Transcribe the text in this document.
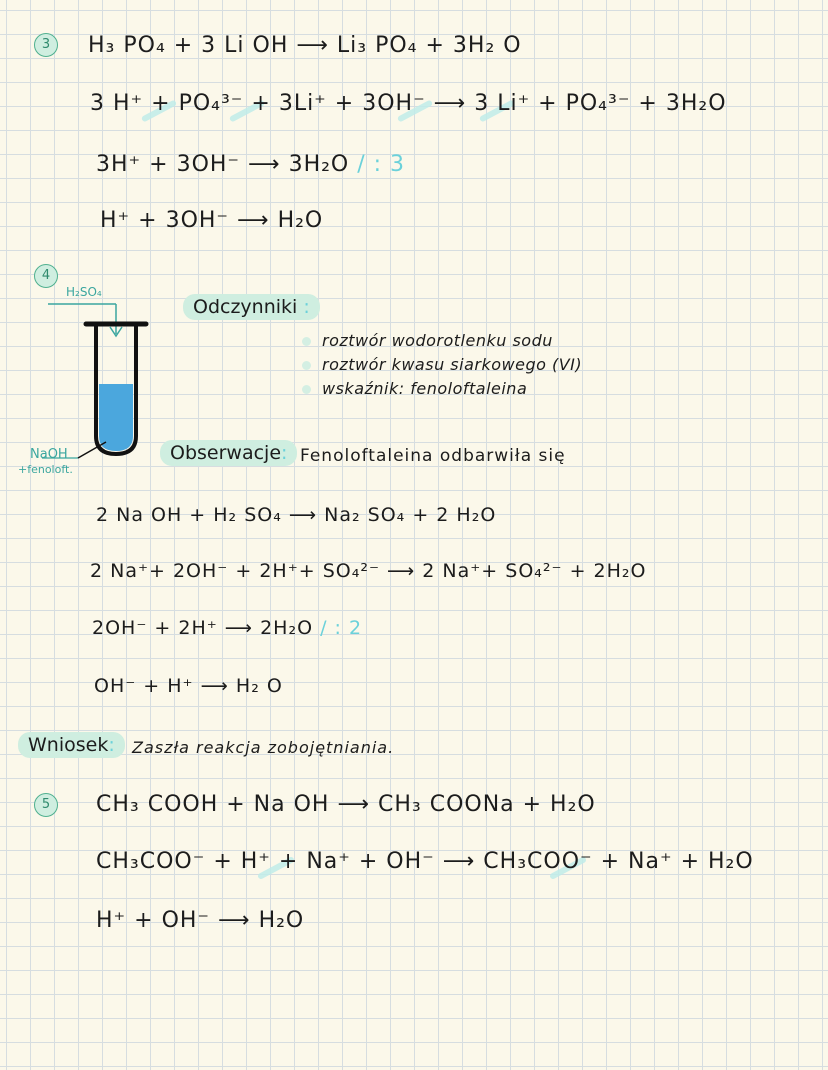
3	H₃ PO₄ + 3 Li OH ⟶ Li₃ PO₄ + 3H₂ O
3 H⁺ + PO₄³⁻ + 3Li⁺ + 3OH⁻ ⟶ 3 Li⁺ + PO₄³⁻ + 3H₂O
3H⁺ + 3OH⁻ ⟶ 3H₂O / : 3
H⁺ + 3OH⁻ ⟶ H₂O
4
H₂SO₄
NaOH
+fenoloft.
Odczynniki :
roztwór wodorotlenku sodu
roztwór kwasu siarkowego (VI)
wskaźnik: fenoloftaleina
Obserwacje: Fenoloftaleina odbarwiła się
2 Na OH + H₂ SO₄ ⟶ Na₂ SO₄ + 2 H₂O
2 Na⁺+ 2OH⁻ + 2H⁺+ SO₄²⁻ ⟶ 2 Na⁺+ SO₄²⁻ + 2H₂O
2OH⁻ + 2H⁺ ⟶ 2H₂O / : 2
OH⁻ + H⁺ ⟶ H₂ O
Wniosek:	Zaszła reakcja zobojętniania.
5	CH₃ COOH + Na OH ⟶ CH₃ COONa + H₂O
CH₃COO⁻ + H⁺ + Na⁺ + OH⁻ ⟶ CH₃COO⁻ + Na⁺ + H₂O
H⁺ + OH⁻ ⟶ H₂O
